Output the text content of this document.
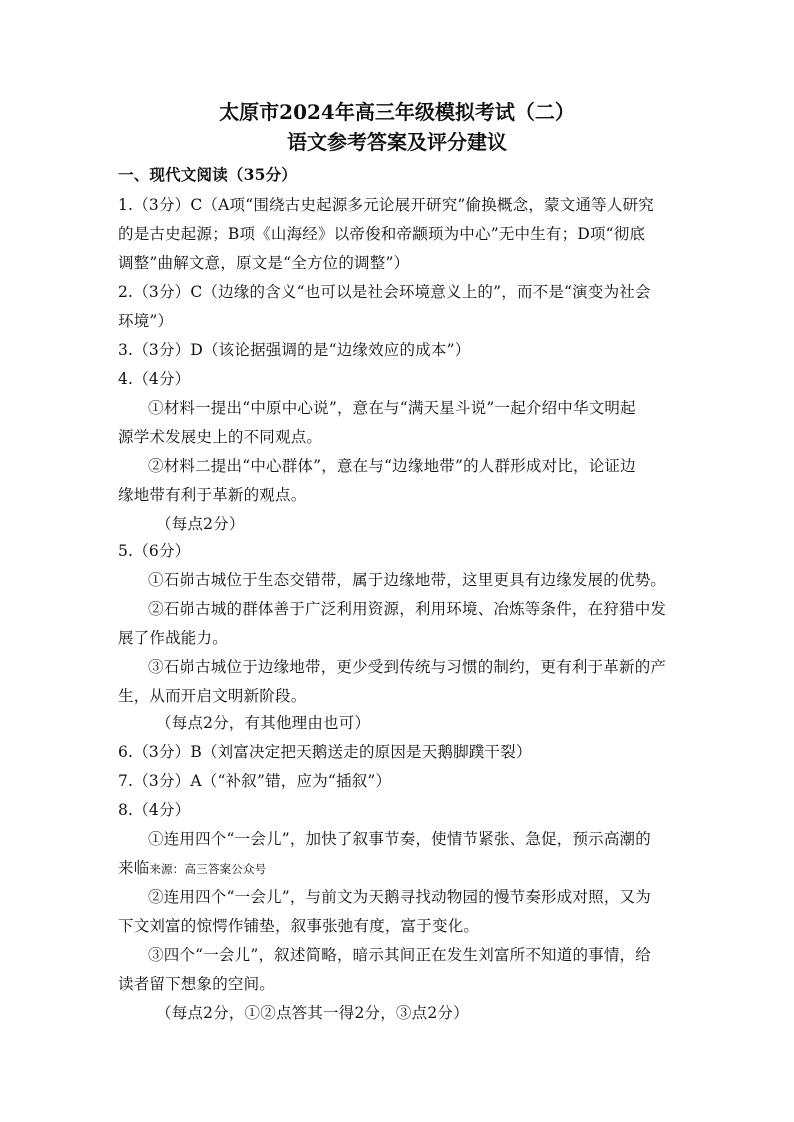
太原市2024年高三年级模拟考试（二）
语文参考答案及评分建议
一、现代文阅读（35分）
1.（3分）C（A项“围绕古史起源多元论展开研究”偷换概念，蒙文通等人研究
的是古史起源；B项《山海经》以帝俊和帝颛顼为中心”无中生有；D项“彻底
调整”曲解文意，原文是“全方位的调整”）
2.（3分）C（边缘的含义“也可以是社会环境意义上的”，而不是“演变为社会
环境”）
3.（3分）D（该论据强调的是“边缘效应的成本”）
4.（4分）
①材料一提出“中原中心说”，意在与“满天星斗说”一起介绍中华文明起
源学术发展史上的不同观点。
②材料二提出“中心群体”，意在与“边缘地带”的人群形成对比，论证边
缘地带有利于革新的观点。
（每点2分）
5.（6分）
①石峁古城位于生态交错带，属于边缘地带，这里更具有边缘发展的优势。
②石峁古城的群体善于广泛利用资源，利用环境、冶炼等条件，在狩猎中发
展了作战能力。
③石峁古城位于边缘地带，更少受到传统与习惯的制约，更有利于革新的产
生，从而开启文明新阶段。
（每点2分，有其他理由也可）
6.（3分）B（刘富决定把天鹅送走的原因是天鹅脚蹼干裂）
7.（3分）A（“补叙”错，应为“插叙”）
8.（4分）
①连用四个“一会儿”，加快了叙事节奏，使情节紧张、急促，预示高潮的
来临来源：高三答案公众号
②连用四个“一会儿”，与前文为天鹅寻找动物园的慢节奏形成对照，又为
下文刘富的惊愕作铺垫，叙事张弛有度，富于变化。
③四个“一会儿”，叙述简略，暗示其间正在发生刘富所不知道的事情，给
读者留下想象的空间。
（每点2分，①②点答其一得2分，③点2分）
